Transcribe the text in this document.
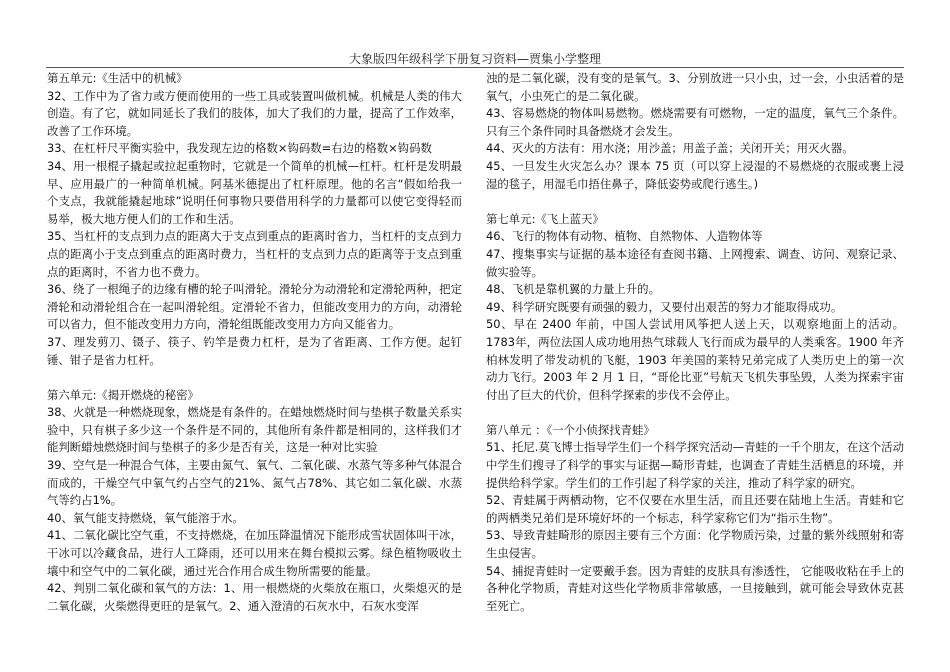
大象版四年级科学下册复习资料—贾集小学整理
第五单元:《生活中的机械》

32、工作中为了省力或方便而使用的一些工具或装置叫做机械。机械是人类的伟大创造。有了它，就如同延长了我们的肢体，加大了我们的力量，提高了工作效率，改善了工作环境。

33、在杠杆尺平衡实验中，我发现左边的格数×钩码数=右边的格数×钩码数

34、用一根棍子撬起或拉起重物时，它就是一个简单的机械—杠杆。杠杆是发明最早、应用最广的一种简单机械。阿基米德提出了杠杆原理。他的名言“假如给我一个支点，我就能撬起地球”说明任何事物只要借用科学的力量都可以使它变得轻而易举，极大地方便人们的工作和生活。

35、当杠杆的支点到力点的距离大于支点到重点的距离时省力，当杠杆的支点到力点的距离小于支点到重点的距离时费力，当杠杆的支点到力点的距离等于支点到重点的距离时，不省力也不费力。

36、绕了一根绳子的边缘有槽的轮子叫滑轮。滑轮分为动滑轮和定滑轮两种，把定滑轮和动滑轮组合在一起叫滑轮组。定滑轮不省力，但能改变用力的方向，动滑轮可以省力，但不能改变用力方向，滑轮组既能改变用力方向又能省力。

37、理发剪刀、镊子、筷子、钓竿是费力杠杆，是为了省距离、工作方便。起钉锤、钳子是省力杠杆。

第六单元:《揭开燃烧的秘密》

38、火就是一种燃烧现象，燃烧是有条件的。在蜡烛燃烧时间与垫棋子数量关系实验中，只有棋子多少这一个条件是不同的，其他所有条件都是相同的，这样我们才能判断蜡烛燃烧时间与垫棋子的多少是否有关，这是一种对比实验

39、空气是一种混合气体，主要由氮气、氧气、二氧化碳、水蒸气等多种气体混合而成的，干燥空气中氧气约占空气的21%、氮气占78%、其它如二氧化碳、水蒸气等约占1%。

40、氧气能支持燃烧，氧气能溶于水。

41、二氧化碳比空气重，不支持燃烧，在加压降温情况下能形成雪状固体叫干冰，干冰可以冷藏食品，进行人工降雨，还可以用来在舞台模拟云雾。绿色植物吸收土壤中和空气中的二氧化碳，通过光合作用合成生物所需要的能量。

42、判别二氧化碳和氧气的方法：1、用一根燃烧的火柴放在瓶口，火柴熄灭的是二氧化碳，火柴燃得更旺的是氧气。2、通入澄清的石灰水中，石灰水变浑

浊的是二氧化碳，没有变的是氧气。3、分别放进一只小虫，过一会，小虫活着的是氧气，小虫死亡的是二氧化碳。

43、容易燃烧的物体叫易燃物。燃烧需要有可燃物，一定的温度，氧气三个条件。只有三个条件同时具备燃烧才会发生。

44、灭火的方法有：用水浇；用沙盖；用盖子盖；关闭开关；用灭火器。

45、一旦发生火灾怎么办？课本 75 页（可以穿上浸湿的不易燃烧的衣服或裹上浸湿的毯子，用湿毛巾捂住鼻子，降低姿势或爬行逃生。)

第七单元:《飞上蓝天》

46、飞行的物体有动物、植物、自然物体、人造物体等

47、搜集事实与证据的基本途径有查阅书籍、上网搜索、调查、访问、观察记录、做实验等。

48、飞机是靠机翼的力量上升的。

49、科学研究既要有顽强的毅力，又要付出艰苦的努力才能取得成功。

50、早在 2400 年前，中国人尝试用风筝把人送上天，以观察地面上的活动。1783年，两位法国人成功地用热气球载人飞行而成为最早的人类乘客。1900 年齐柏林发明了带发动机的飞艇，1903 年美国的莱特兄弟完成了人类历史上的第一次动力飞行。2003 年 2 月 1 日，“哥伦比亚”号航天飞机失事坠毁，人类为探索宇宙付出了巨大的代价，但科学探索的步伐不会停止。

第八单元 ：《一个小侦探找青蛙》

51、托尼.莫飞博士指导学生们一个科学探究活动—青蛙的一千个朋友，在这个活动中学生们搜寻了科学的事实与证据—畸形青蛙，也调查了青蛙生活栖息的环境，并提供给科学家。学生们的工作引起了科学家的关注，推动了科学家的研究。

52、青蛙属于两栖动物，它不仅要在水里生活，而且还要在陆地上生活。青蛙和它的两栖类兄弟们是环境好坏的一个标志，科学家称它们为“指示生物”。

53、导致青蛙畸形的原因主要有三个方面：化学物质污染，过量的紫外线照射和寄生虫侵害。

54、捕捉青蛙时一定要戴手套。因为青蛙的皮肤具有渗透性， 它能吸收粘在手上的各种化学物质，青蛙对这些化学物质非常敏感，一旦接触到，就可能会导致休克甚至死亡。
